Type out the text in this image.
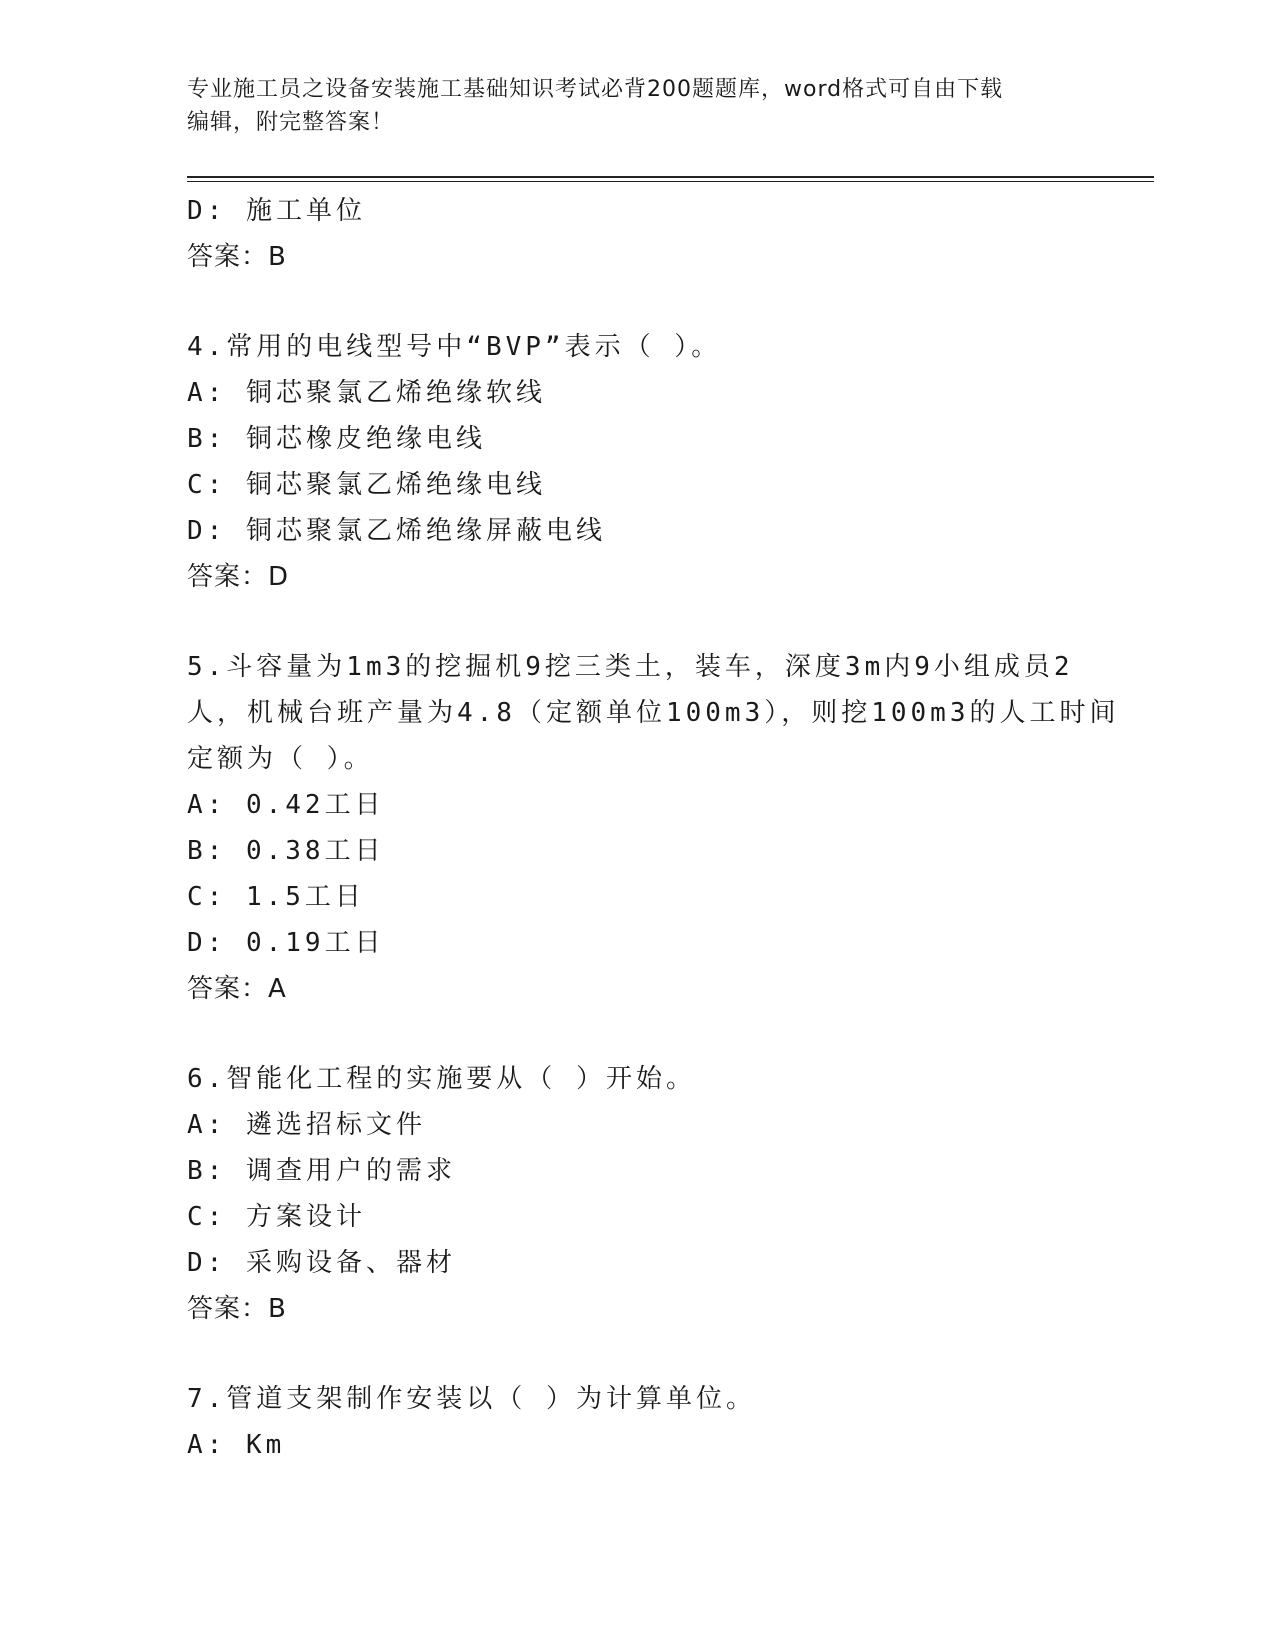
专业施工员之设备安装施工基础知识考试必背200题题库，word格式可自由下载
编辑，附完整答案！
D: 施工单位
答案：B
4.常用的电线型号中“BVP”表示（ ）。
A: 铜芯聚氯乙烯绝缘软线
B: 铜芯橡皮绝缘电线
C: 铜芯聚氯乙烯绝缘电线
D: 铜芯聚氯乙烯绝缘屏蔽电线
答案：D
5.斗容量为1m3的挖掘机9挖三类土，装车，深度3m内9小组成员2
人，机械台班产量为4.8（定额单位100m3），则挖100m3的人工时间
定额为（ ）。
A: 0.42工日
B: 0.38工日
C: 1.5工日
D: 0.19工日
答案：A
6.智能化工程的实施要从（ ）开始。
A: 遴选招标文件
B: 调查用户的需求
C: 方案设计
D: 采购设备、器材
答案：B
7.管道支架制作安装以（ ）为计算单位。
A: Km
